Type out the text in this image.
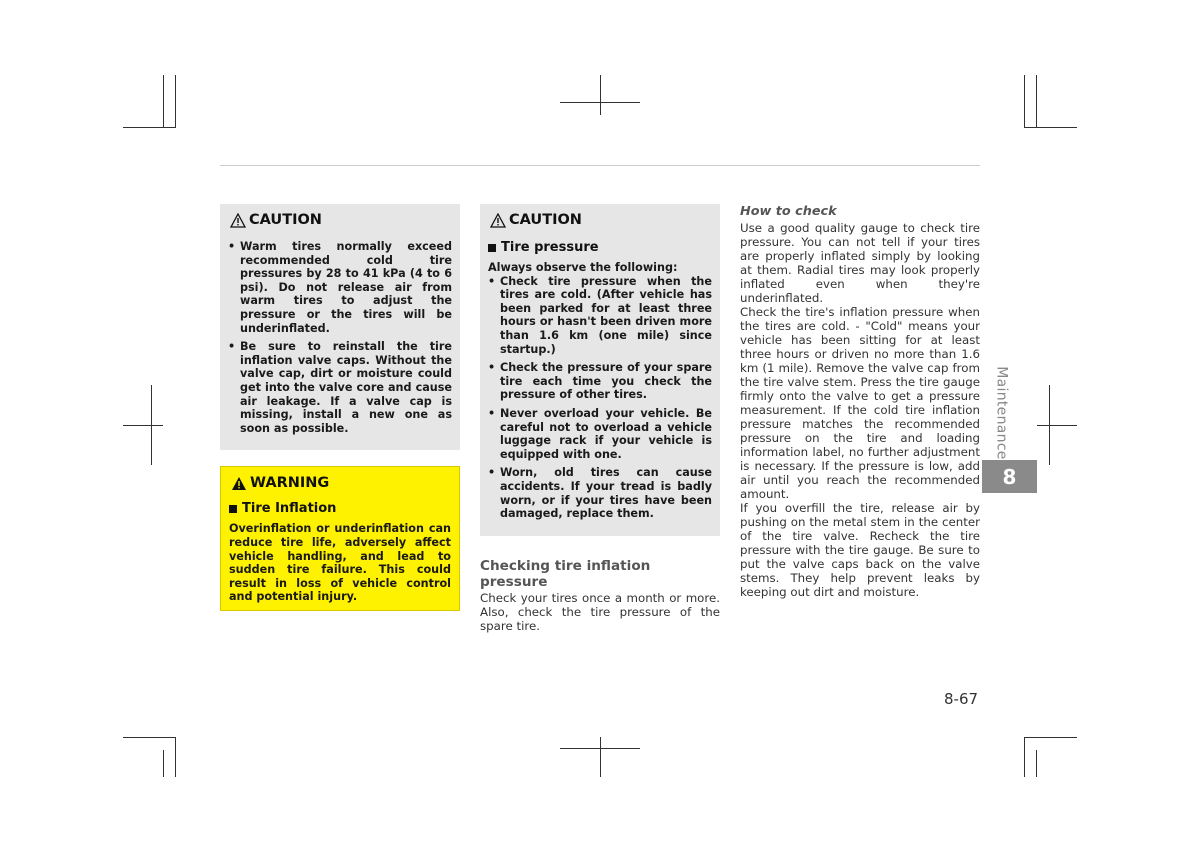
CAUTION
• Warm tires normally exceed recommended cold tire pressures by 28 to 41 kPa (4 to 6 psi). Do not release air from warm tires to adjust the pressure or the tires will be underinflated.
• Be sure to reinstall the tire inflation valve caps. Without the valve cap, dirt or moisture could get into the valve core and cause air leakage. If a valve cap is missing, install a new one as soon as possible.
WARNING
Tire Inflation

Overinflation or underinflation can reduce tire life, adversely affect vehicle handling, and lead to sudden tire failure. This could result in loss of vehicle control and potential injury.

CAUTION
Tire pressure

Always observe the following:

• Check tire pressure when the tires are cold. (After vehicle has been parked for at least three hours or hasn't been driven more than 1.6 km (one mile) since startup.)
• Check the pressure of your spare tire each time you check the pressure of other tires.
• Never overload your vehicle. Be careful not to overload a vehicle luggage rack if your vehicle is equipped with one.
• Worn, old tires can cause accidents. If your tread is badly worn, or if your tires have been damaged, replace them.
Checking tire inflation pressure

Check your tires once a month or more. Also, check the tire pressure of the spare tire.

How to check

Use a good quality gauge to check tire pressure. You can not tell if your tires are properly inflated simply by looking at them. Radial tires may look properly inflated even when they're underinflated.

Check the tire's inflation pressure when the tires are cold. - "Cold" means your vehicle has been sitting for at least three hours or driven no more than 1.6 km (1 mile). Remove the valve cap from the tire valve stem. Press the tire gauge firmly onto the valve to get a pressure measurement. If the cold tire inflation pressure matches the recommended pressure on the tire and loading information label, no further adjustment is necessary. If the pressure is low, add air until you reach the recommended amount.

If you overfill the tire, release air by pushing on the metal stem in the center of the tire valve. Recheck the tire pressure with the tire gauge. Be sure to put the valve caps back on the valve stems. They help prevent leaks by keeping out dirt and moisture.

Maintenance
8
8-67
